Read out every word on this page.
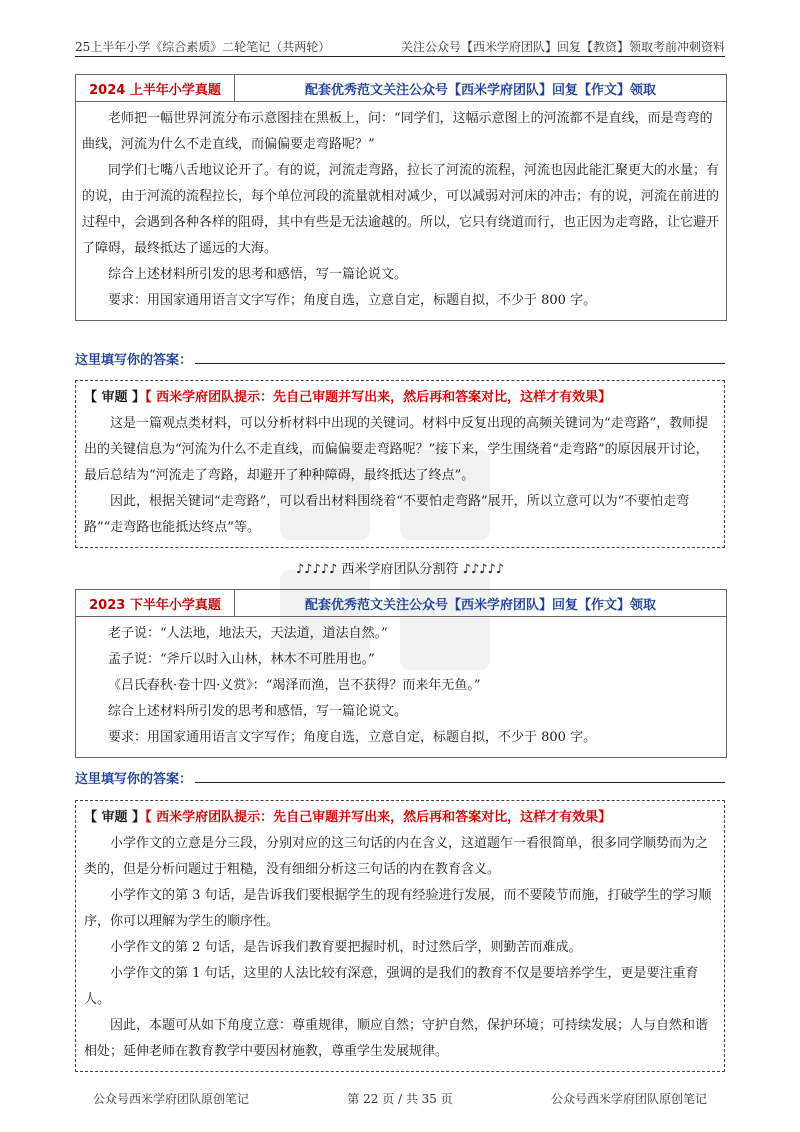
25上半年小学《综合素质》二轮笔记（共两轮）	关注公众号【西米学府团队】回复【教资】领取考前冲刺资料
2024 上半年小学真题	配套优秀范文关注公众号【西米学府团队】回复【作文】领取

老师把一幅世界河流分布示意图挂在黑板上，问：“同学们，这幅示意图上的河流都不是直线，而是弯弯的曲线，河流为什么不走直线，而偏偏要走弯路呢？”

同学们七嘴八舌地议论开了。有的说，河流走弯路，拉长了河流的流程，河流也因此能汇聚更大的水量；有的说，由于河流的流程拉长，每个单位河段的流量就相对减少，可以减弱对河床的冲击；有的说，河流在前进的过程中，会遇到各种各样的阻碍，其中有些是无法逾越的。所以，它只有绕道而行，也正因为走弯路，让它避开了障碍，最终抵达了遥远的大海。

综合上述材料所引发的思考和感悟，写一篇论说文。

要求：用国家通用语言文字写作；角度自选，立意自定，标题自拟，不少于 800 字。

这里填写你的答案：
【 审题 】【 西米学府团队提示：先自己审题并写出来，然后再和答案对比，这样才有效果】

这是一篇观点类材料，可以分析材料中出现的关键词。材料中反复出现的高频关键词为“走弯路”，教师提出的关键信息为“河流为什么不走直线，而偏偏要走弯路呢？”接下来，学生围绕着“走弯路”的原因展开讨论，最后总结为“河流走了弯路，却避开了种种障碍，最终抵达了终点”。

因此，根据关键词“走弯路”，可以看出材料围绕着“不要怕走弯路”展开，所以立意可以为“不要怕走弯路”“走弯路也能抵达终点”等。

♪♪♪♪♪ 西米学府团队分割符 ♪♪♪♪♪
2023 下半年小学真题	配套优秀范文关注公众号【西米学府团队】回复【作文】领取

老子说：“人法地，地法天，天法道，道法自然。”

孟子说：“斧斤以时入山林，林木不可胜用也。”

《吕氏春秋·卷十四·义赏》：“竭泽而渔，岂不获得？而来年无鱼。”

综合上述材料所引发的思考和感悟，写一篇论说文。

要求：用国家通用语言文字写作；角度自选，立意自定，标题自拟，不少于 800 字。

这里填写你的答案：
【 审题 】【 西米学府团队提示：先自己审题并写出来，然后再和答案对比，这样才有效果】

小学作文的立意是分三段，分别对应的这三句话的内在含义，这道题乍一看很简单，很多同学顺势而为之类的，但是分析问题过于粗糙，没有细细分析这三句话的内在教育含义。

小学作文的第 3 句话，是告诉我们要根据学生的现有经验进行发展，而不要陵节而施，打破学生的学习顺序，你可以理解为学生的顺序性。

小学作文的第 2 句话，是告诉我们教育要把握时机，时过然后学，则勤苦而难成。

小学作文的第 1 句话，这里的人法比较有深意，强调的是我们的教育不仅是要培养学生，更是要注重育人。

因此，本题可从如下角度立意：尊重规律，顺应自然；守护自然，保护环境；可持续发展；人与自然和谐相处；延伸老师在教育教学中要因材施教，尊重学生发展规律。

公众号西米学府团队原创笔记	第 22 页 / 共 35 页	公众号西米学府团队原创笔记
